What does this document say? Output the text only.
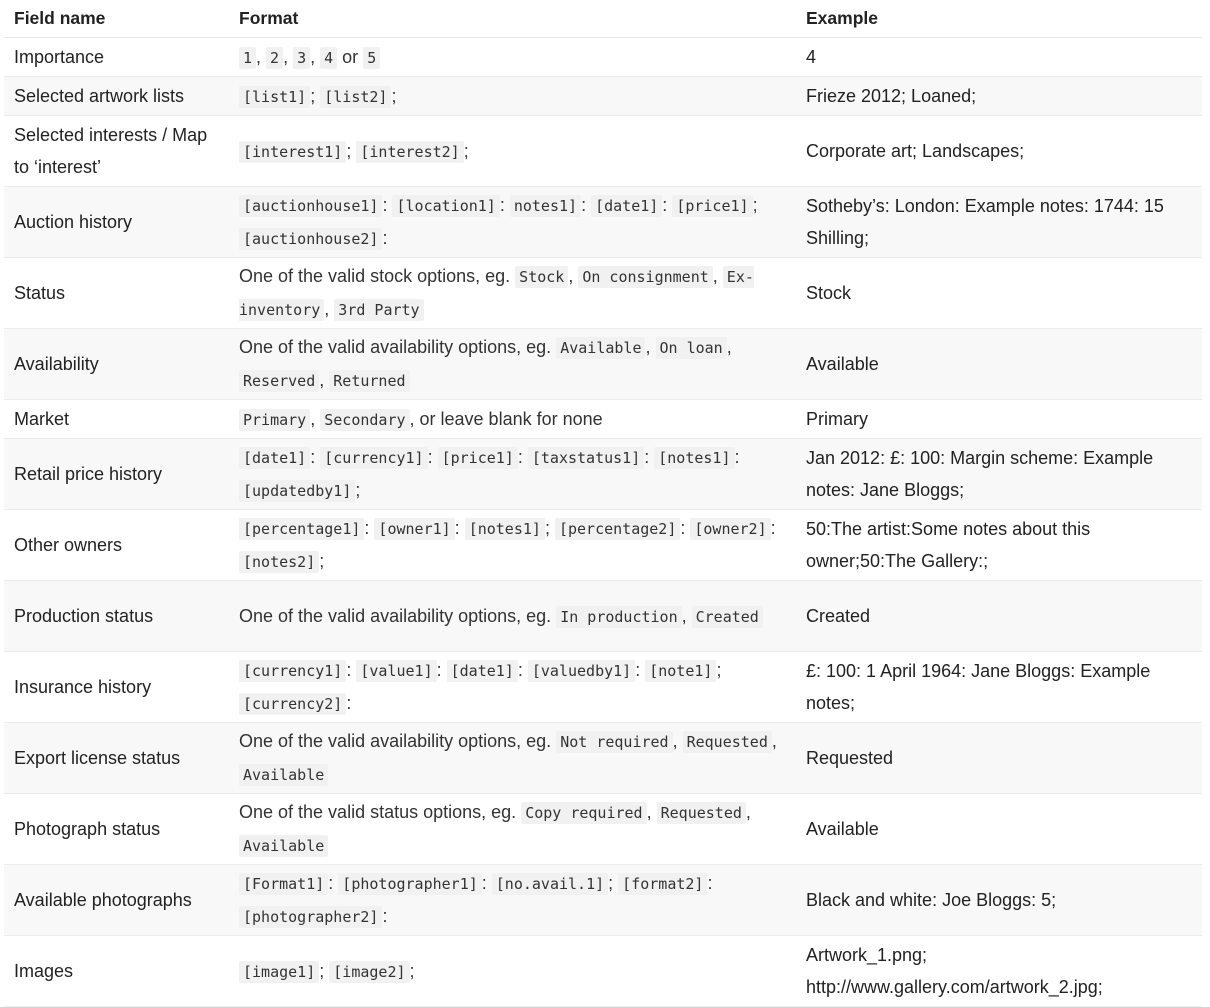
Field name	Format	Example
Importance	1 , 2 , 3 , 4 or 5	4
Selected artwork lists	[list1] ; [list2] ;	Frieze 2012; Loaned;
Selected interests / Map to ‘interest’	[interest1] ; [interest2] ;	Corporate art; Landscapes;
Auction history	[auctionhouse1] : [location1] : notes1] : [date1] : [price1] ; [auctionhouse2] :	Sotheby’s: London: Example notes: 1744: 15 Shilling;
Status	One of the valid stock options, eg. Stock , On consignment , Ex-inventory , 3rd Party	Stock
Availability	One of the valid availability options, eg. Available , On loan , Reserved , Returned	Available
Market	Primary , Secondary , or leave blank for none	Primary
Retail price history	[date1] : [currency1] : [price1] : [taxstatus1] : [notes1] : [updatedby1] ;	Jan 2012: £: 100: Margin scheme: Example notes: Jane Bloggs;
Other owners	[percentage1] : [owner1] : [notes1] ; [percentage2] : [owner2] : [notes2] ;	50:The artist:Some notes about this owner;50:The Gallery:;
Production status	One of the valid availability options, eg. In production , Created	Created
Insurance history	[currency1] : [value1] : [date1] : [valuedby1] : [note1] ; [currency2] :	£: 100: 1 April 1964: Jane Bloggs: Example notes;
Export license status	One of the valid availability options, eg. Not required , Requested , Available	Requested
Photograph status	One of the valid status options, eg. Copy required , Requested , Available	Available
Available photographs	[Format1] : [photographer1] : [no.avail.1] ; [format2] : [photographer2] :	Black and white: Joe Bloggs: 5;
Images	[image1] ; [image2] ;	Artwork_1.png; http://www.gallery.com/artwork_2.jpg;
